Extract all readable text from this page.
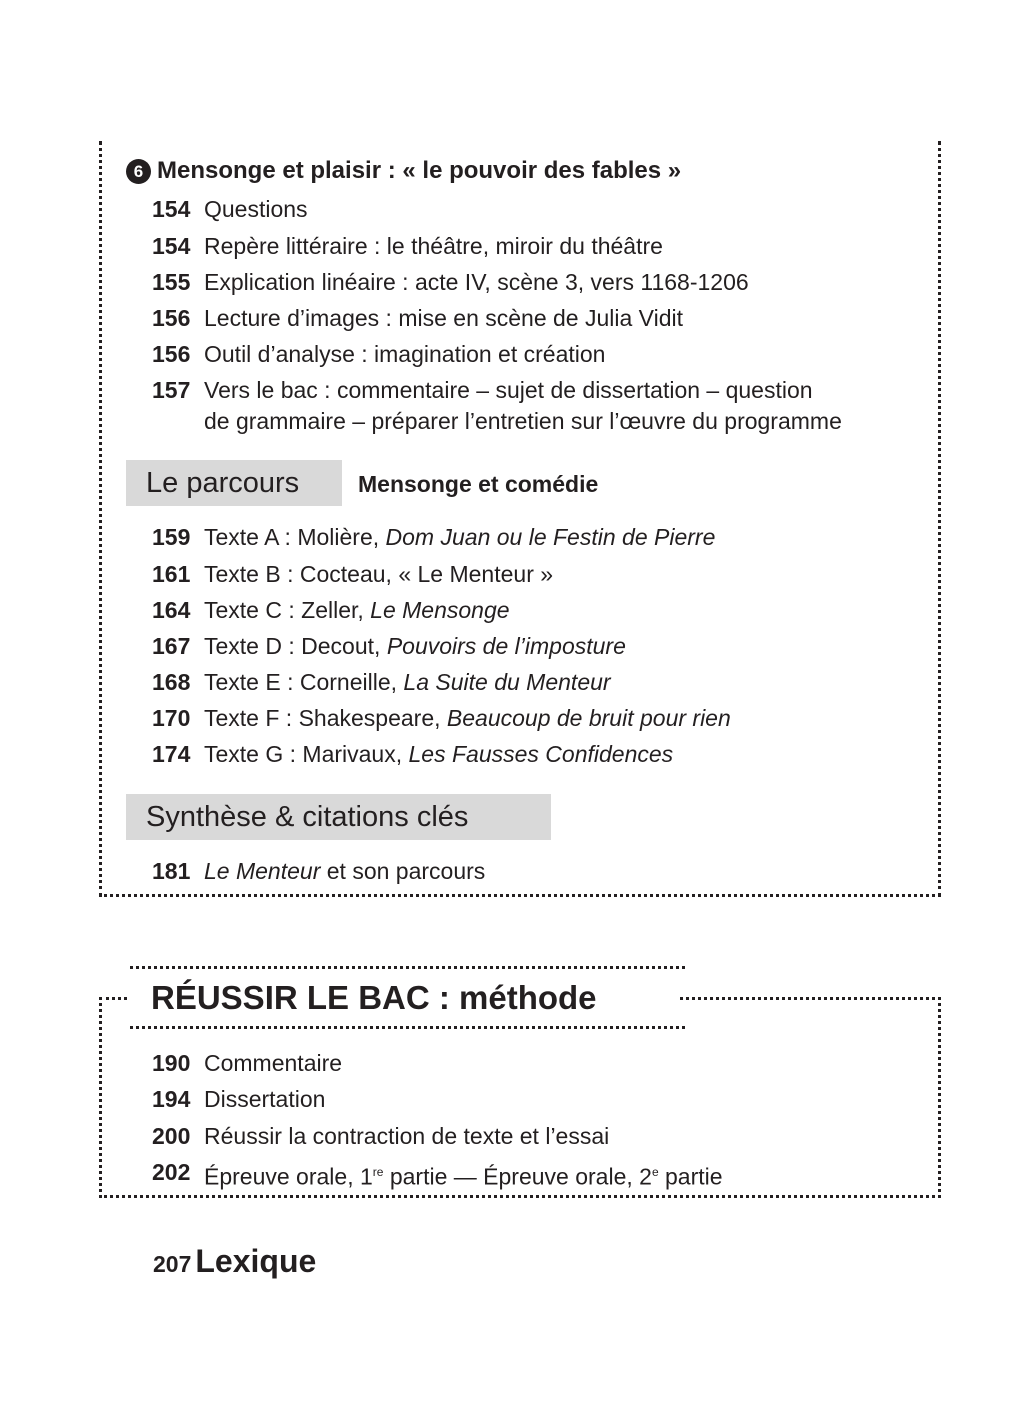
6 Mensonge et plaisir : « le pouvoir des fables »
154 Questions
154 Repère littéraire : le théâtre, miroir du théâtre
155 Explication linéaire : acte IV, scène 3, vers 1168-1206
156 Lecture d’images : mise en scène de Julia Vidit
156 Outil d’analyse : imagination et création
157 Vers le bac : commentaire – sujet de dissertation – question
de grammaire – préparer l’entretien sur l’œuvre du programme
Le parcours	Mensonge et comédie
159 Texte A : Molière, Dom Juan ou le Festin de Pierre
161 Texte B : Cocteau, « Le Menteur »
164 Texte C : Zeller, Le Mensonge
167 Texte D : Decout, Pouvoirs de l’imposture
168 Texte E : Corneille, La Suite du Menteur
170 Texte F : Shakespeare, Beaucoup de bruit pour rien
174 Texte G : Marivaux, Les Fausses Confidences
Synthèse & citations clés
181 Le Menteur et son parcours
RÉUSSIR LE BAC : méthode
190 Commentaire
194 Dissertation
200 Réussir la contraction de texte et l’essai
202 Épreuve orale, 1re partie — Épreuve orale, 2e partie
207 Lexique
